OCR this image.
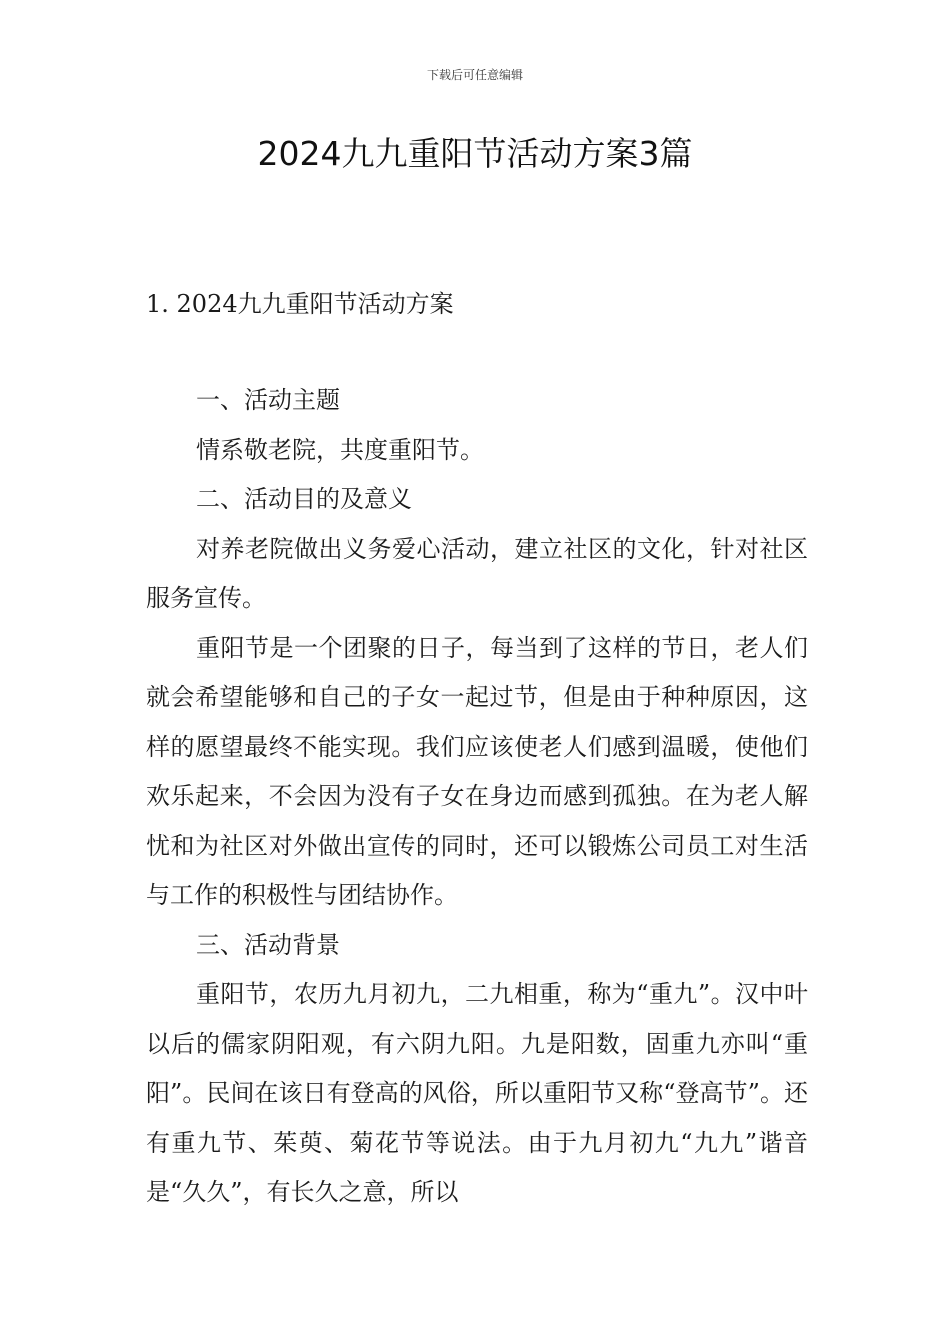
下载后可任意编辑
2024九九重阳节活动方案3篇
1. 2024九九重阳节活动方案

一、活动主题

情系敬老院，共度重阳节。

二、活动目的及意义

对养老院做出义务爱心活动，建立社区的文化，针对社区服务宣传。

重阳节是一个团聚的日子，每当到了这样的节日，老人们就会希望能够和自己的子女一起过节，但是由于种种原因，这样的愿望最终不能实现。我们应该使老人们感到温暖，使他们欢乐起来，不会因为没有子女在身边而感到孤独。在为老人解忧和为社区对外做出宣传的同时，还可以锻炼公司员工对生活与工作的积极性与团结协作。

三、活动背景

重阳节，农历九月初九，二九相重，称为“重九”。汉中叶以后的儒家阴阳观，有六阴九阳。九是阳数，固重九亦叫“重阳”。民间在该日有登高的风俗，所以重阳节又称“登高节”。还有重九节、茱萸、菊花节等说法。由于九月初九“九九”谐音是“久久”，有长久之意，所以
